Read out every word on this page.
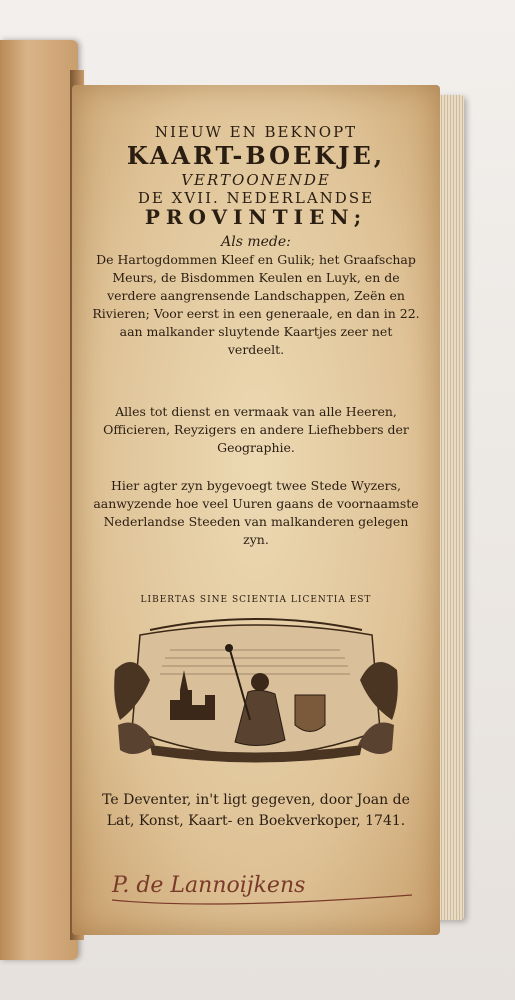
NIEUW EN BEKNOPT
KAART-BOEKJE,
VERTOONENDE
DE XVII. NEDERLANDSE
PROVINTIEN;
Als mede:
De Hartogdommen Kleef en Gulik; het Graafschap Meurs, de Bisdommen Keulen en Luyk, en de verdere aangrensende Landschappen, Zeën en Rivieren; Voor eerst in een generaale, en dan in 22. aan malkander sluytende Kaartjes zeer net verdeelt.
Alles tot dienst en vermaak van alle Heeren, Officieren, Reyzigers en andere Liefhebbers der Geographie.
Hier agter zyn bygevoegt twee Stede Wyzers, aanwyzende hoe veel Uuren gaans de voornaamste Nederlandse Steeden van malkanderen gelegen zyn.
LIBERTAS SINE SCIENTIA LICENTIA EST
Te Deventer, in't ligt gegeven, door Joan de Lat, Konst, Kaart- en Boekverkoper, 1741.
P. de Lannoijkens
